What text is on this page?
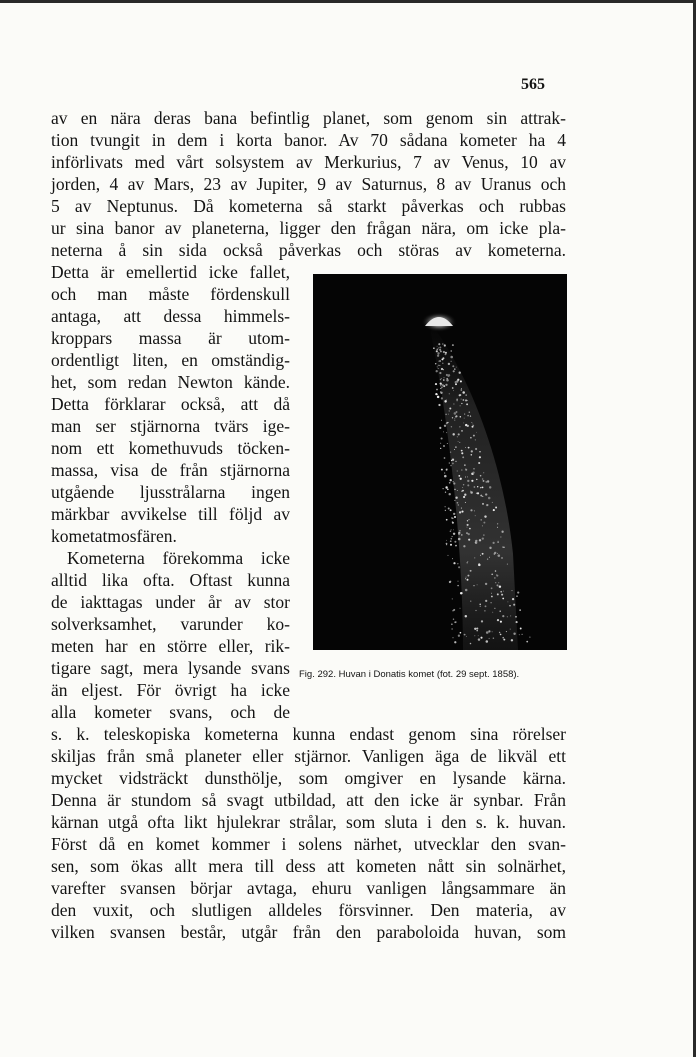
565
av en nära deras bana befintlig planet, som genom sin attrak-
tion tvungit in dem i korta banor. Av 70 sådana kometer ha 4
införlivats med vårt solsystem av Merkurius, 7 av Venus, 10 av
jorden, 4 av Mars, 23 av Jupiter, 9 av Saturnus, 8 av Uranus och
5 av Neptunus. Då kometerna så starkt påverkas och rubbas
ur sina banor av planeterna, ligger den frågan nära, om icke pla-
neterna å sin sida också påverkas och störas av kometerna.
Detta är emellertid icke fallet,
och man måste fördenskull
antaga, att dessa himmels-
kroppars massa är utom-
ordentligt liten, en omständig-
het, som redan Newton kände.
Detta förklarar också, att då
man ser stjärnorna tvärs ige-
nom ett komethuvuds töcken-
massa, visa de från stjärnorna
utgående ljusstrålarna ingen
märkbar avvikelse till följd av
kometatmosfären.
Kometerna förekomma icke
alltid lika ofta. Oftast kunna
de iakttagas under år av stor
solverksamhet, varunder ko-
meten har en större eller, rik-
tigare sagt, mera lysande svans
än eljest. För övrigt ha icke
alla kometer svans, och de
s. k. teleskopiska kometerna kunna endast genom sina rörelser
skiljas från små planeter eller stjärnor. Vanligen äga de likväl ett
mycket vidsträckt dunsthölje, som omgiver en lysande kärna.
Denna är stundom så svagt utbildad, att den icke är synbar. Från
kärnan utgå ofta likt hjulekrar strålar, som sluta i den s. k. huvan.
Först då en komet kommer i solens närhet, utvecklar den svan-
sen, som ökas allt mera till dess att kometen nått sin solnärhet,
varefter svansen börjar avtaga, ehuru vanligen långsammare än
den vuxit, och slutligen alldeles försvinner. Den materia, av
vilken svansen består, utgår från den paraboloida huvan, som
Fig. 292. Huvan i Donatis komet (fot. 29 sept. 1858).
